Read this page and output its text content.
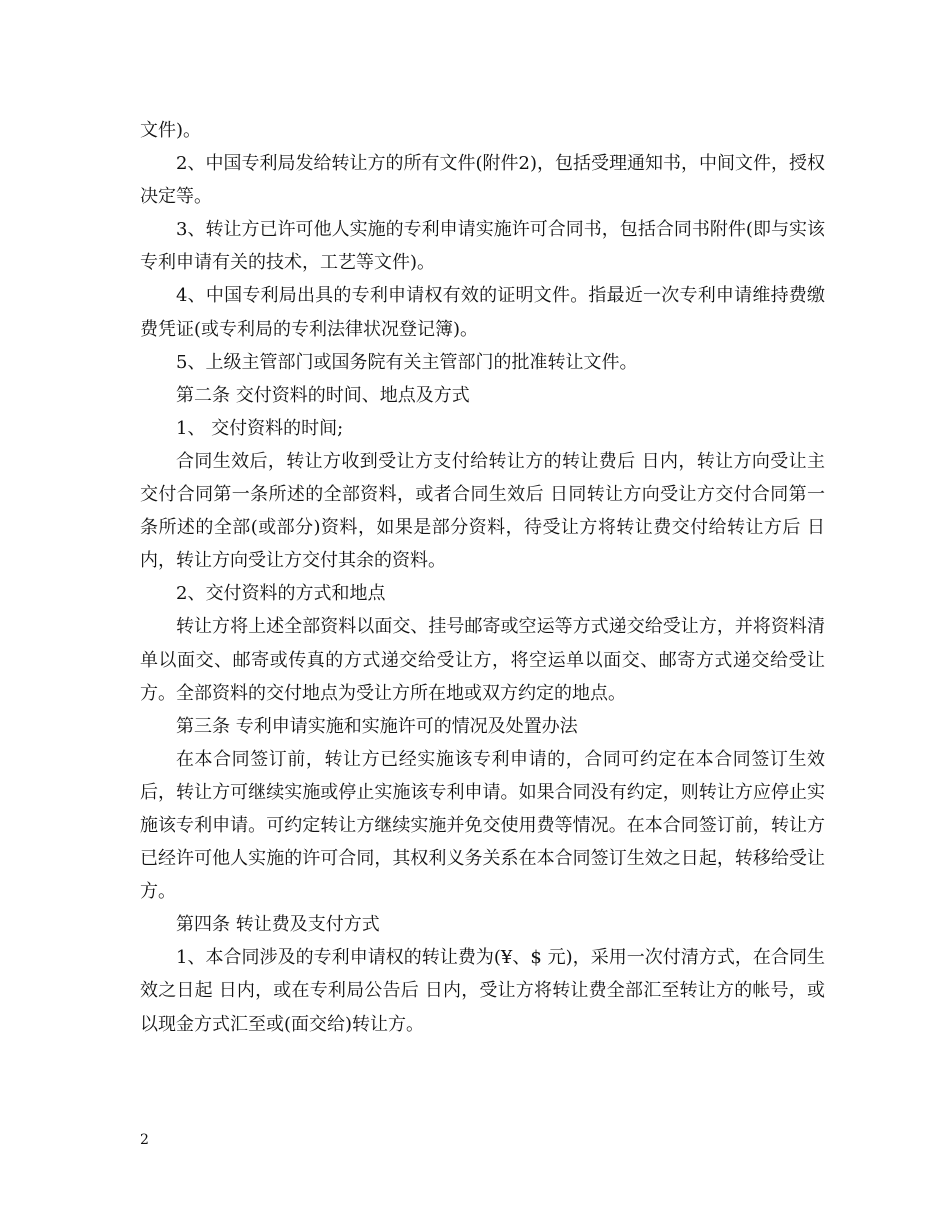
文件)。

2、中国专利局发给转让方的所有文件(附件2)，包括受理通知书，中间文件，授权决定等。

3、转让方已许可他人实施的专利申请实施许可合同书，包括合同书附件(即与实该专利申请有关的技术，工艺等文件)。

4、中国专利局出具的专利申请权有效的证明文件。指最近一次专利申请维持费缴费凭证(或专利局的专利法律状况登记簿)。

5、上级主管部门或国务院有关主管部门的批准转让文件。

第二条 交付资料的时间、地点及方式

1、 交付资料的时间;

合同生效后，转让方收到受让方支付给转让方的转让费后 日内，转让方向受让主交付合同第一条所述的全部资料，或者合同生效后 日同转让方向受让方交付合同第一条所述的全部(或部分)资料，如果是部分资料，待受让方将转让费交付给转让方后 日内，转让方向受让方交付其余的资料。

2、交付资料的方式和地点

转让方将上述全部资料以面交、挂号邮寄或空运等方式递交给受让方，并将资料清单以面交、邮寄或传真的方式递交给受让方，将空运单以面交、邮寄方式递交给受让方。全部资料的交付地点为受让方所在地或双方约定的地点。

第三条 专利申请实施和实施许可的情况及处置办法

在本合同签订前，转让方已经实施该专利申请的，合同可约定在本合同签订生效后，转让方可继续实施或停止实施该专利申请。如果合同没有约定，则转让方应停止实施该专利申请。可约定转让方继续实施并免交使用费等情况。在本合同签订前，转让方已经许可他人实施的许可合同，其权利义务关系在本合同签订生效之日起，转移给受让方。

第四条 转让费及支付方式

1、本合同涉及的专利申请权的转让费为(¥、$ 元)，采用一次付清方式，在合同生效之日起 日内，或在专利局公告后 日内，受让方将转让费全部汇至转让方的帐号，或以现金方式汇至或(面交给)转让方。

2
